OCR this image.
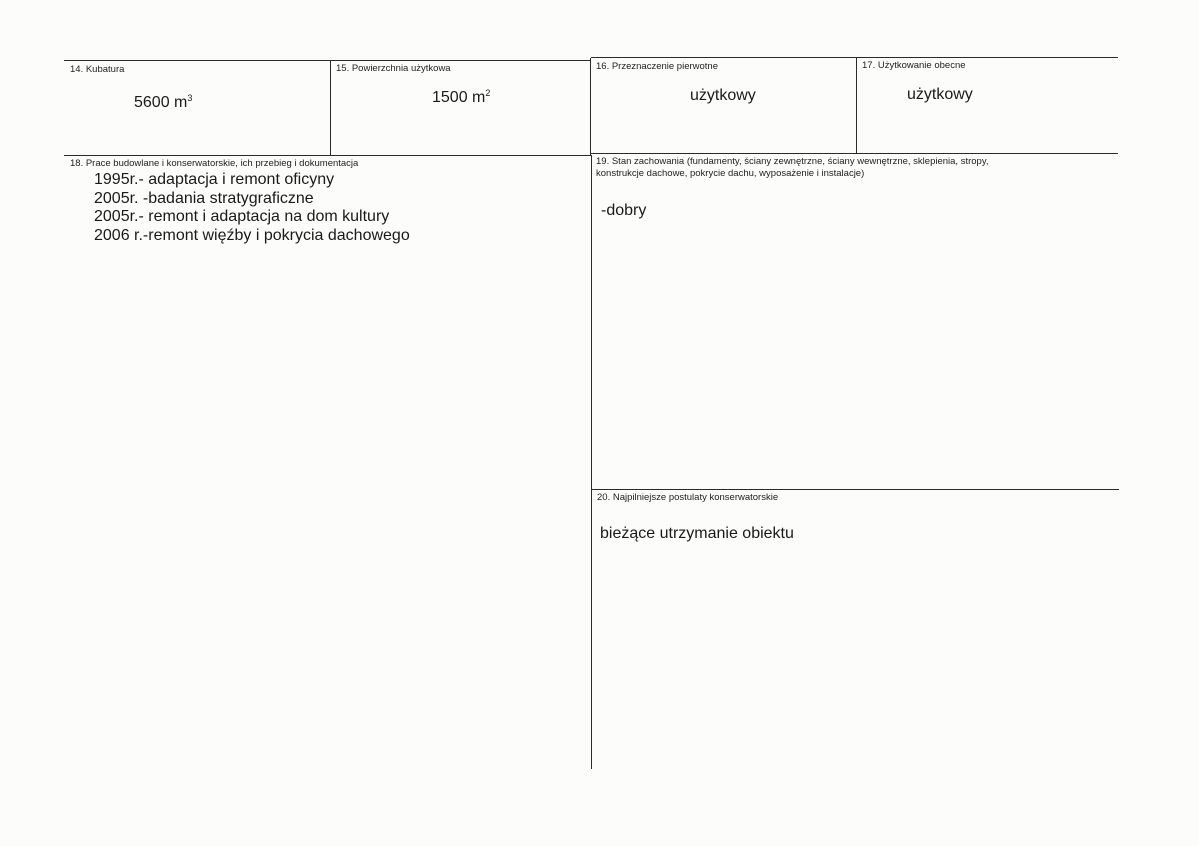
14. Kubatura
5600 $m^3$
15. Powierzchnia użytkowa
1500 $m^2$
16. Przeznaczenie pierwotne
użytkowy
17. Użytkowanie obecne
użytkowy
18. Prace budowlane i konserwatorskie, ich przebieg i dokumentacja
1995r.- adaptacja i remont oficyny
2005r. -badania stratygraficzne
2005r.- remont i adaptacja na dom kultury
2006 r.-remont więźby i pokrycia dachowego
19. Stan zachowania (fundamenty, ściany zewnętrzne, ściany wewnętrzne, sklepienia, stropy,
konstrukcje dachowe, pokrycie dachu, wyposażenie i instalacje)
-dobry
20. Najpilniejsze postulaty konserwatorskie
bieżące utrzymanie obiektu
